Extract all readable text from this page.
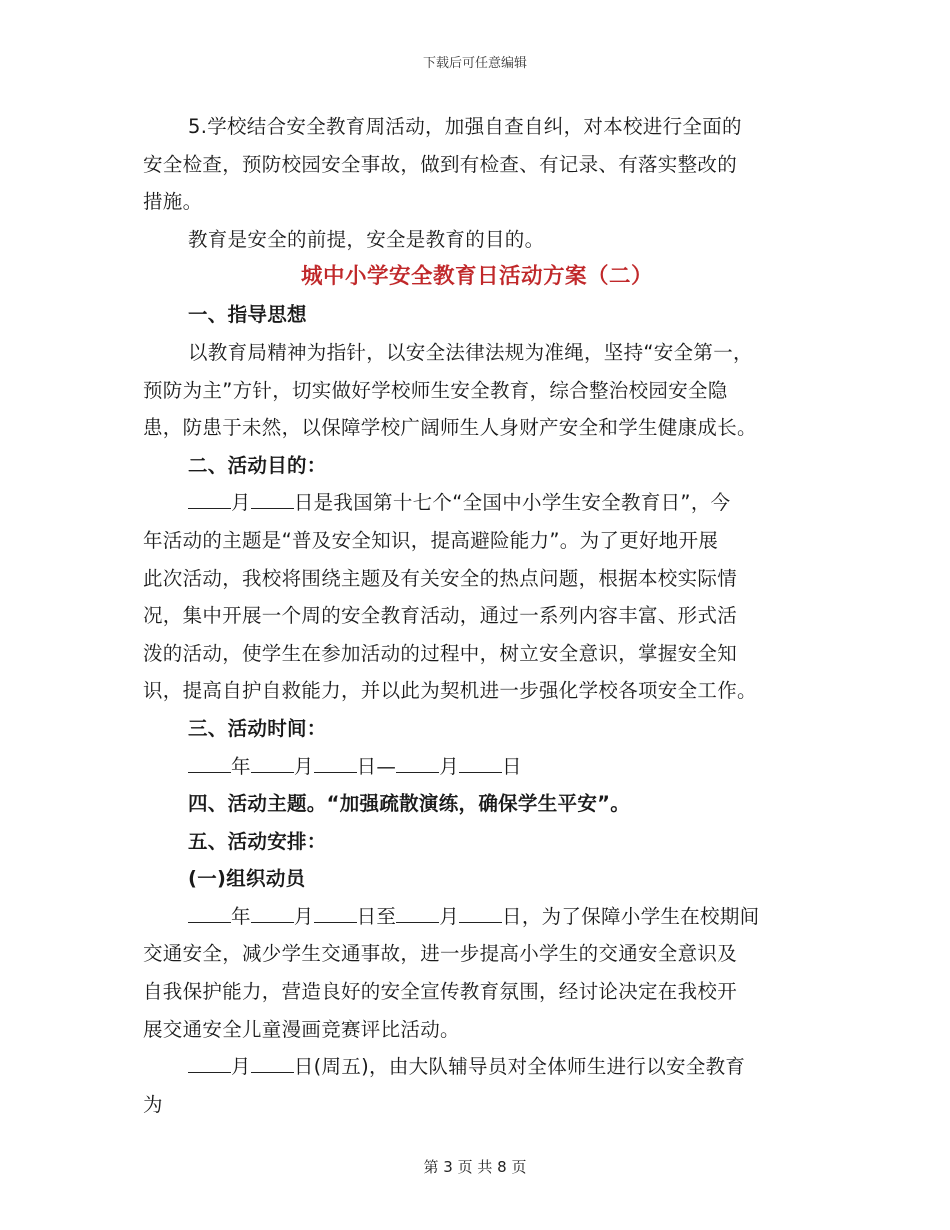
下载后可任意编辑
5.学校结合安全教育周活动，加强自查自纠，对本校进行全面的
安全检查，预防校园安全事故，做到有检查、有记录、有落实整改的
措施。
教育是安全的前提，安全是教育的目的。
城中小学安全教育日活动方案（二）
一、指导思想
以教育局精神为指针，以安全法律法规为准绳，坚持“安全第一，
预防为主”方针，切实做好学校师生安全教育，综合整治校园安全隐
患，防患于未然，以保障学校广阔师生人身财产安全和学生健康成长。
二、活动目的：
月 日是我国第十七个“全国中小学生安全教育日”，今
年活动的主题是“普及安全知识，提高避险能力”。为了更好地开展
此次活动，我校将围绕主题及有关安全的热点问题，根据本校实际情
况，集中开展一个周的安全教育活动，通过一系列内容丰富、形式活
泼的活动，使学生在参加活动的过程中，树立安全意识，掌握安全知
识，提高自护自救能力，并以此为契机进一步强化学校各项安全工作。
三、活动时间：
年 月 日— 月 日
四、活动主题。“加强疏散演练，确保学生平安”。
五、活动安排：
(一)组织动员
年 月 日至 月 日，为了保障小学生在校期间
交通安全，减少学生交通事故，进一步提高小学生的交通安全意识及
自我保护能力，营造良好的安全宣传教育氛围，经讨论决定在我校开
展交通安全儿童漫画竞赛评比活动。
月 日(周五)，由大队辅导员对全体师生进行以安全教育
为
第 3 页 共 8 页
